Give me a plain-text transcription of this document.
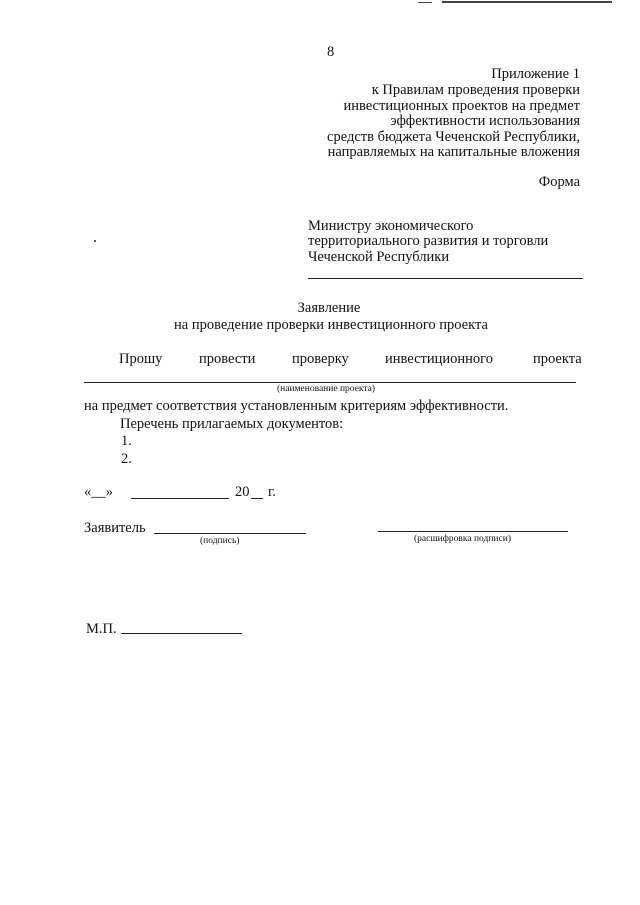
8
Приложение 1
к Правилам проведения проверки
инвестиционных проектов на предмет
эффективности использования
средств бюджета Чеченской Республики,
направляемых на капитальные вложения
Форма
Министру экономического
территориального развития и торговли
Чеченской Республики
Заявление
на проведение проверки инвестиционного проекта
Прошу	провести	проверку инвестиционного	проекта
(наименование проекта)
на предмет соответствия установленным критериям эффективности.
Перечень прилагаемых документов:
1.
2.
«__»	20 г.
Заявитель
(подпись)	(расшифровка подписи)
М.П.
